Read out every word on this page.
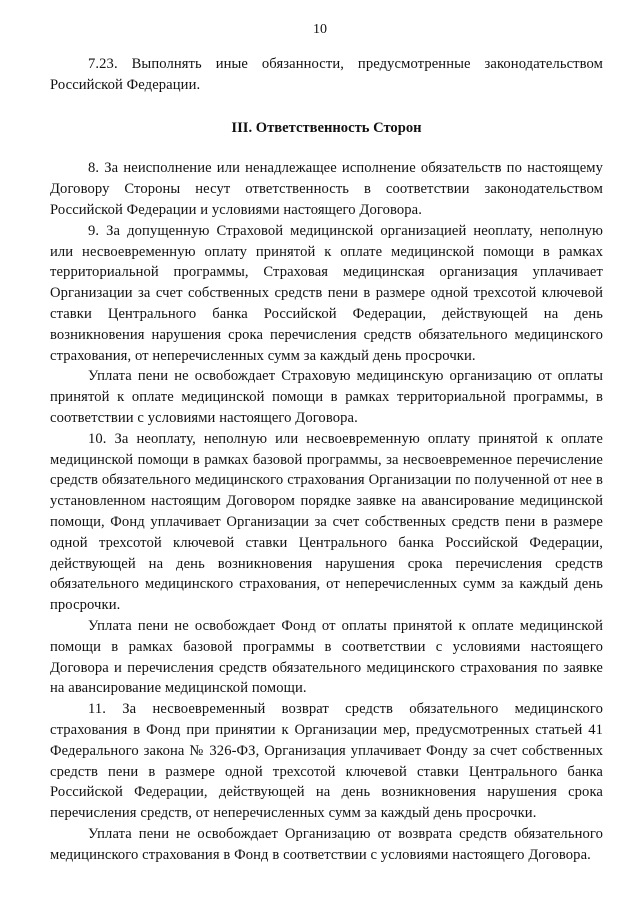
10

7.23. Выполнять иные обязанности, предусмотренные законодательством Российской Федерации.

III. Ответственность Сторон

8. За неисполнение или ненадлежащее исполнение обязательств по настоящему Договору Стороны несут ответственность в соответствии законодательством Российской Федерации и условиями настоящего Договора.

9. За допущенную Страховой медицинской организацией неоплату, неполную или несвоевременную оплату принятой к оплате медицинской помощи в рамках территориальной программы, Страховая медицинская организация уплачивает Организации за счет собственных средств пени в размере одной трехсотой ключевой ставки Центрального банка Российской Федерации, действующей на день возникновения нарушения срока перечисления средств обязательного медицинского страхования, от неперечисленных сумм за каждый день просрочки.

Уплата пени не освобождает Страховую медицинскую организацию от оплаты принятой к оплате медицинской помощи в рамках территориальной программы, в соответствии с условиями настоящего Договора.

10. За неоплату, неполную или несвоевременную оплату принятой к оплате медицинской помощи в рамках базовой программы, за несвоевременное перечисление средств обязательного медицинского страхования Организации по полученной от нее в установленном настоящим Договором порядке заявке на авансирование медицинской помощи, Фонд уплачивает Организации за счет собственных средств пени в размере одной трехсотой ключевой ставки Центрального банка Российской Федерации, действующей на день возникновения нарушения срока перечисления средств обязательного медицинского страхования, от неперечисленных сумм за каждый день просрочки.

Уплата пени не освобождает Фонд от оплаты принятой к оплате медицинской помощи в рамках базовой программы в соответствии с условиями настоящего Договора и перечисления средств обязательного медицинского страхования по заявке на авансирование медицинской помощи.

11. За несвоевременный возврат средств обязательного медицинского страхования в Фонд при принятии к Организации мер, предусмотренных статьей 41 Федерального закона № 326-ФЗ, Организация уплачивает Фонду за счет собственных средств пени в размере одной трехсотой ключевой ставки Центрального банка Российской Федерации, действующей на день возникновения нарушения срока перечисления средств, от неперечисленных сумм за каждый день просрочки.

Уплата пени не освобождает Организацию от возврата средств обязательного медицинского страхования в Фонд в соответствии с условиями настоящего Договора.
